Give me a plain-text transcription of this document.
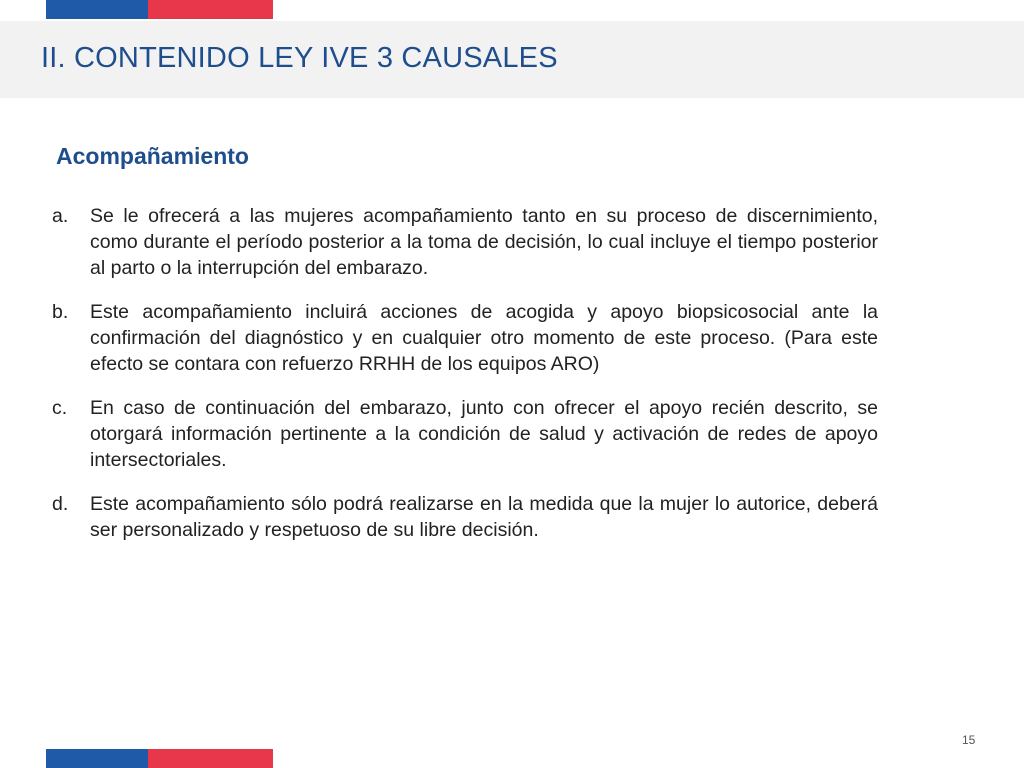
II. CONTENIDO LEY IVE 3 CAUSALES
Acompañamiento
a.	Se le ofrecerá a las mujeres acompañamiento tanto en su proceso de discernimiento, como durante el período posterior a la toma de decisión, lo cual incluye el tiempo posterior al parto o la interrupción del embarazo.
b.	Este acompañamiento incluirá acciones de acogida y apoyo biopsicosocial ante la confirmación del diagnóstico y en cualquier otro momento de este proceso. (Para este efecto se contara con refuerzo RRHH de los equipos ARO)
c.	En caso de continuación del embarazo, junto con ofrecer el apoyo recién descrito, se otorgará información pertinente a la condición de salud y activación de redes de apoyo intersectoriales.
d.	Este acompañamiento sólo podrá realizarse en la medida que la mujer lo autorice, deberá ser personalizado y respetuoso de su libre decisión.
15
